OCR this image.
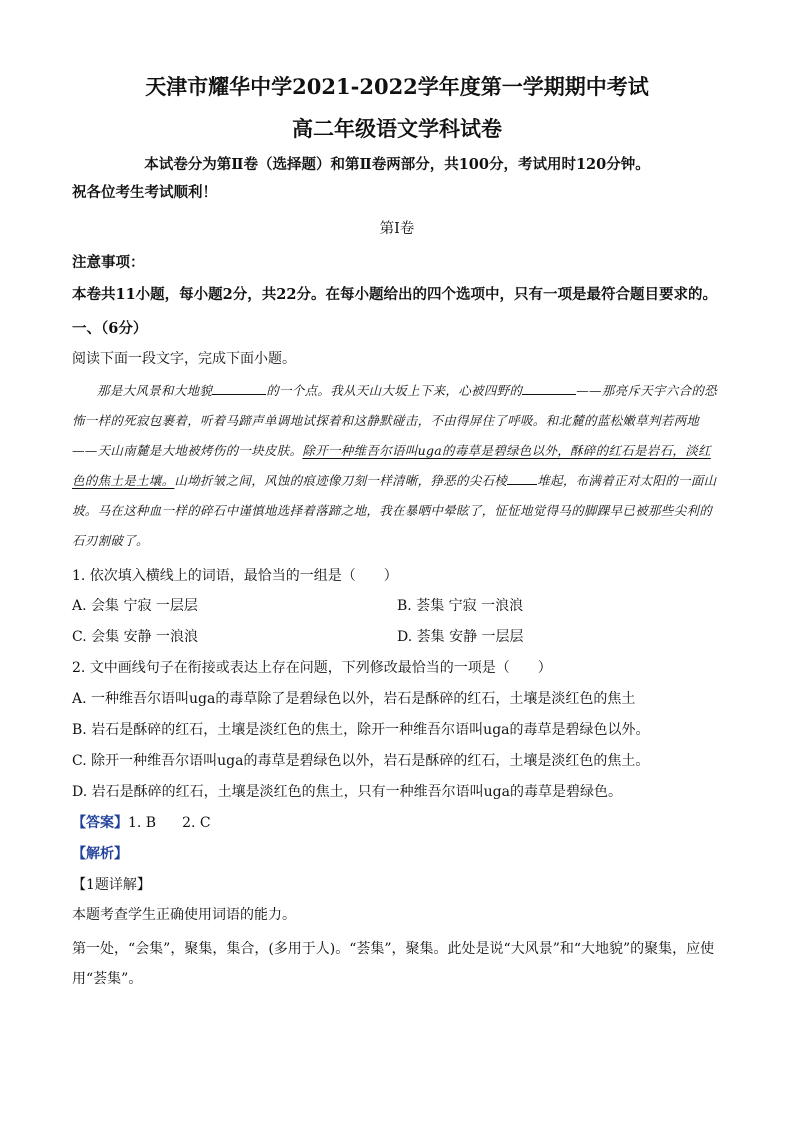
天津市耀华中学2021-2022学年度第一学期期中考试

高二年级语文学科试卷

本试卷分为第Ⅱ卷（选择题）和第Ⅱ卷两部分，共100分，考试用时120分钟。

祝各位考生考试顺利！

第Ⅰ卷

注意事项：

本卷共11小题，每小题2分，共22分。在每小题给出的四个选项中，只有一项是最符合题目要求的。

一、（6分）

阅读下面一段文字，完成下面小题。

那是大风景和大地貌	的一个点。我从天山大坂上下来，心被四野的	——那亮斥天宇六合的恐怖一样的死寂包裹着，听着马蹄声单调地试探着和这静默碰击，不由得屏住了呼吸。和北麓的蓝松嫩草判若两地——天山南麓是大地被烤伤的一块皮肤。除开一种维吾尔语叫uga的毒草是碧绿色以外，酥碎的红石是岩石，淡红色的焦土是土壤。山坳折皱之间，风蚀的痕迹像刀刻一样清晰，狰恶的尖石棱 堆起，布满着正对太阳的一面山坡。马在这种血一样的碎石中谨慎地选择着落蹄之地，我在暴晒中晕眩了，怔怔地觉得马的脚踝早已被那些尖利的石刃割破了。

1. 依次填入横线上的词语，最恰当的一组是（　　）

A. 会集 宁寂 一层层	B. 荟集 宁寂 一浪浪
C. 会集 安静 一浪浪	D. 荟集 安静 一层层

2. 文中画线句子在衔接或表达上存在问题，下列修改最恰当的一项是（　　）

A. 一种维吾尔语叫uga的毒草除了是碧绿色以外，岩石是酥碎的红石，土壤是淡红色的焦土

B. 岩石是酥碎的红石，土壤是淡红色的焦土，除开一种维吾尔语叫uga的毒草是碧绿色以外。

C. 除开一种维吾尔语叫uga的毒草是碧绿色以外，岩石是酥碎的红石，土壤是淡红色的焦土。

D. 岩石是酥碎的红石，土壤是淡红色的焦土，只有一种维吾尔语叫uga的毒草是碧绿色。

【答案】1. B 2. C

【解析】

【1题详解】

本题考查学生正确使用词语的能力。

第一处，“会集”，聚集，集合，(多用于人)。“荟集”，聚集。此处是说“大风景”和“大地貌”的聚集，应使用“荟集”。
